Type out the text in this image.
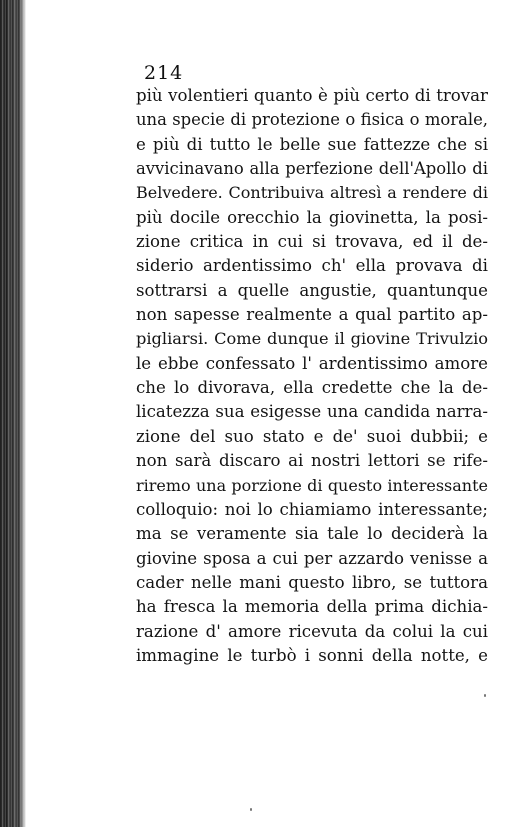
214
più volentieri quanto è più certo di trovar
una specie di protezione o fisica o morale,
e più di tutto le belle sue fattezze che si
avvicinavano alla perfezione dell'Apollo di
Belvedere. Contribuiva altresì a rendere di
più docile orecchio la giovinetta, la posi-
zione critica in cui si trovava, ed il de-
siderio ardentissimo ch' ella provava di
sottrarsi a quelle angustie, quantunque
non sapesse realmente a qual partito ap-
pigliarsi. Come dunque il giovine Trivulzio
le ebbe confessato l' ardentissimo amore
che lo divorava, ella credette che la de-
licatezza sua esigesse una candida narra-
zione del suo stato e de' suoi dubbii; e
non sarà discaro ai nostri lettori se rife-
riremo una porzione di questo interessante
colloquio: noi lo chiamiamo interessante;
ma se veramente sia tale lo deciderà la
giovine sposa a cui per azzardo venisse a
cader nelle mani questo libro, se tuttora
ha fresca la memoria della prima dichia-
razione d' amore ricevuta da colui la cui
immagine le turbò i sonni della notte, e
